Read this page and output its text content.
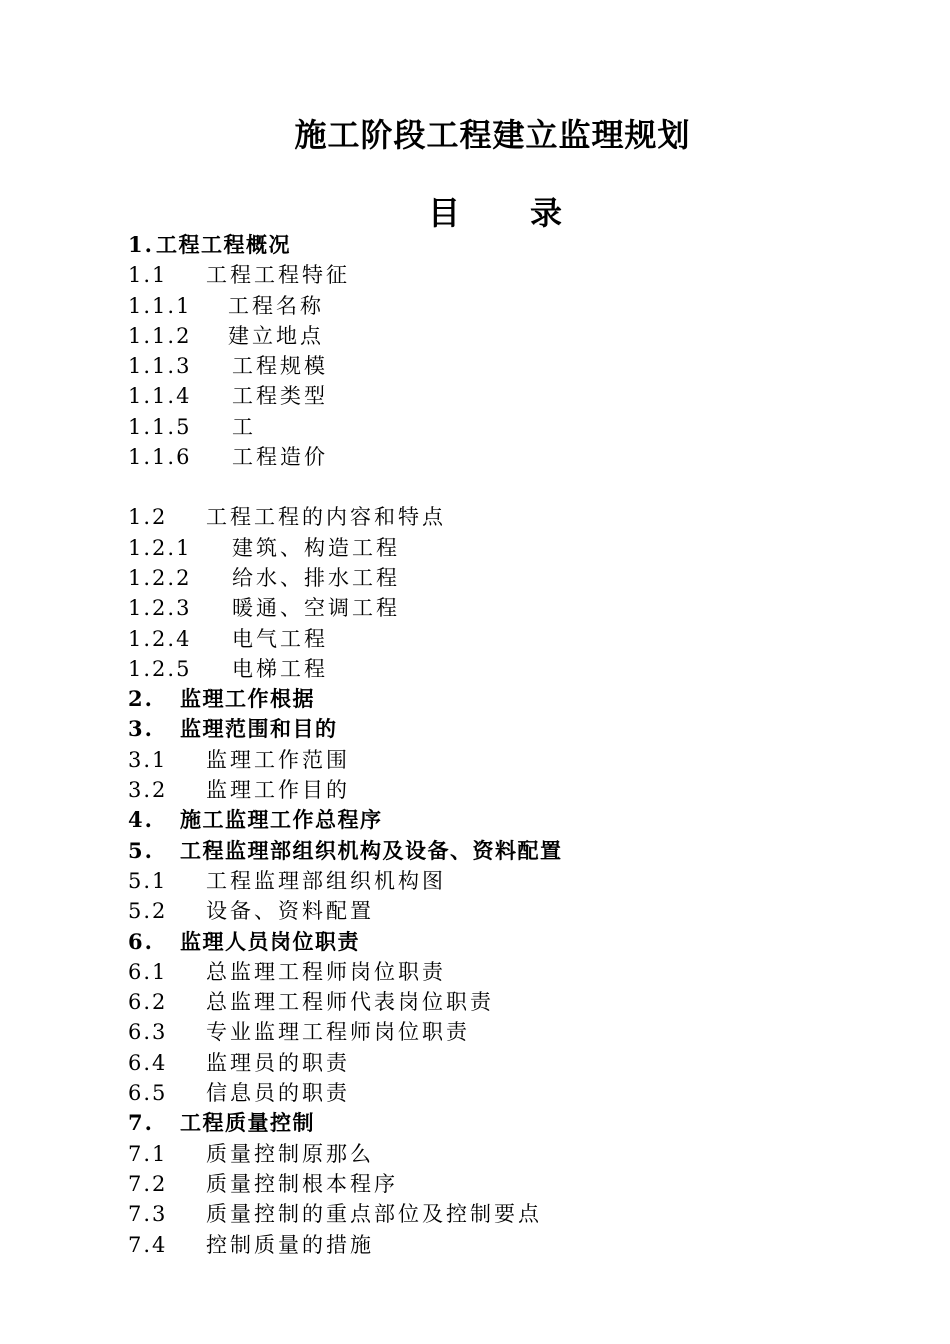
施工阶段工程建立监理规划
目 录
1. 工程工程概况
1.1 工程工程特征
1.1.1 工程名称
1.1.2 建立地点
1.1.3 工程规模
1.1.4 工程类型
1.1.5 工
1.1.6 工程造价
1.2 工程工程的内容和特点
1.2.1 建筑、构造工程
1.2.2 给水、排水工程
1.2.3 暖通、空调工程
1.2.4 电气工程
1.2.5 电梯工程
2. 监理工作根据
3. 监理范围和目的
3.1 监理工作范围
3.2 监理工作目的
4. 施工监理工作总程序
5. 工程监理部组织机构及设备、资料配置
5.1 工程监理部组织机构图
5.2 设备、资料配置
6. 监理人员岗位职责
6.1 总监理工程师岗位职责
6.2 总监理工程师代表岗位职责
6.3 专业监理工程师岗位职责
6.4 监理员的职责
6.5 信息员的职责
7. 工程质量控制
7.1 质量控制原那么
7.2 质量控制根本程序
7.3 质量控制的重点部位及控制要点
7.4 控制质量的措施
